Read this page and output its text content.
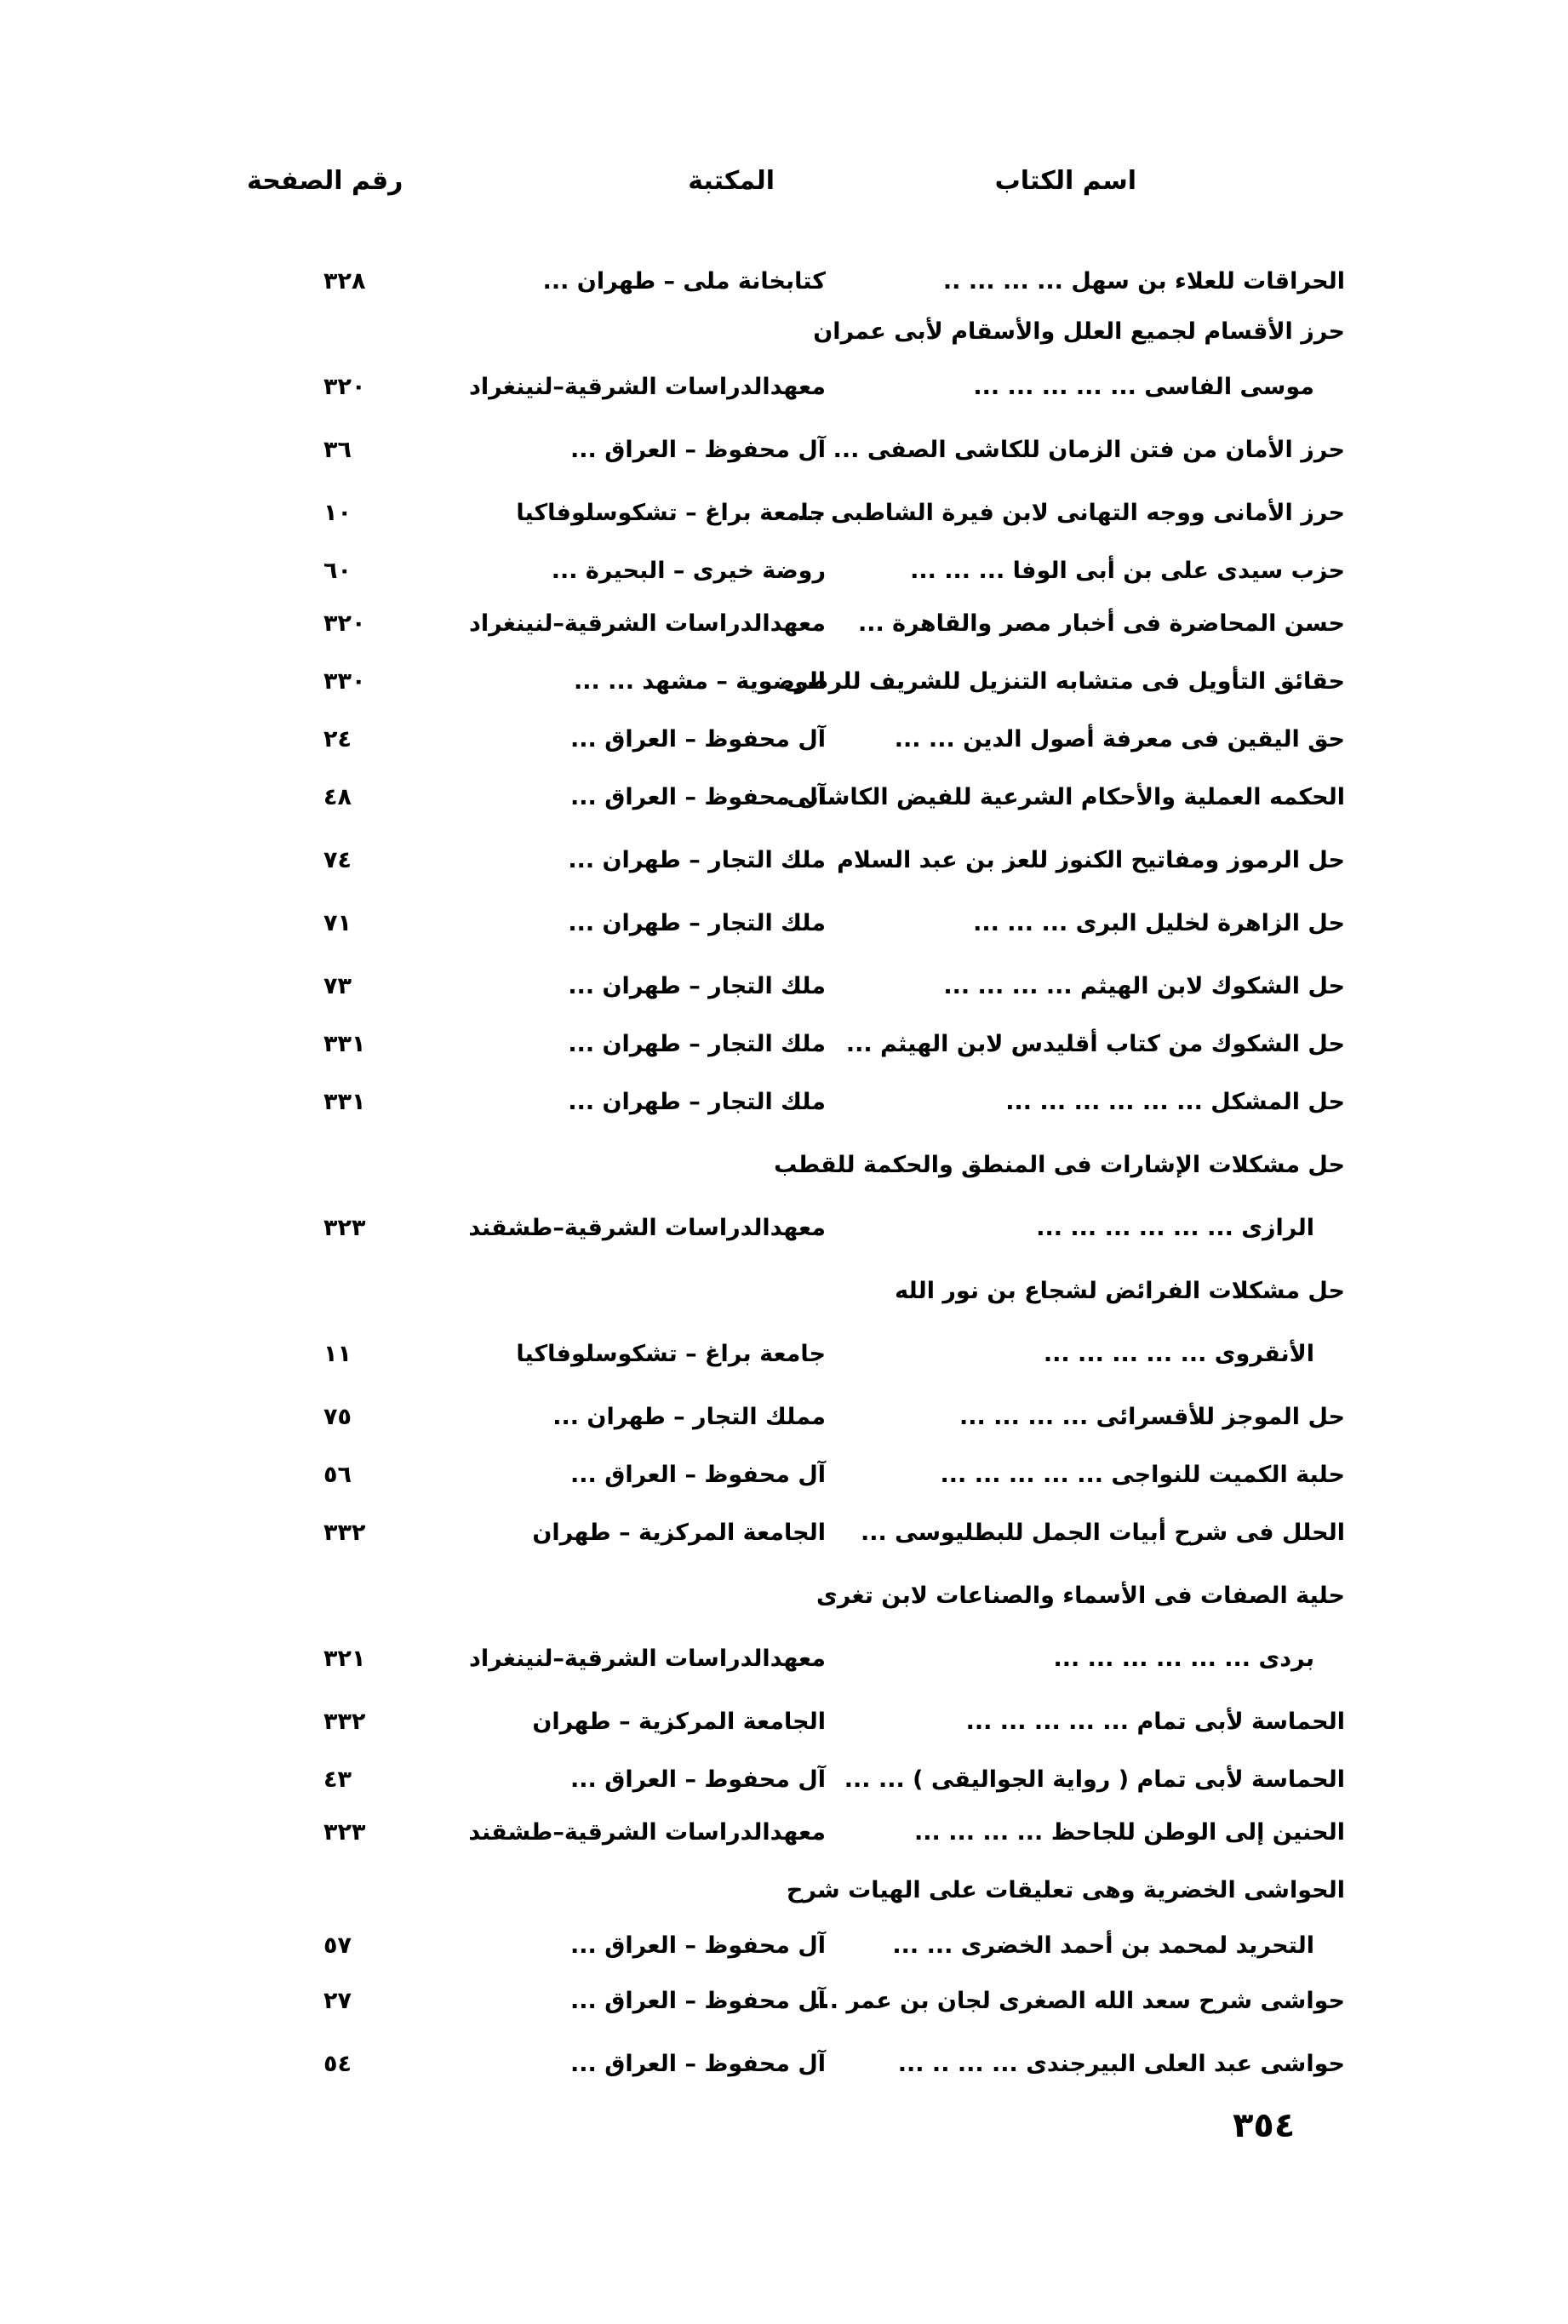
اسم الكتاب
المكتبة
رقم الصفحة
الحراقات للعلاء بن سهل ... ... ... ..
كتابخانة ملى – طهران ...
٣٢٨
حرز الأقسام لجميع العلل والأسقام لأبى عمران
موسى الفاسى ... ... ... ... ...
معهدالدراسات الشرقية–لنينغراد
٣٢٠
حرز الأمان من فتن الزمان للكاشى الصفى ...
آل محفوظ – العراق ...
٣٦
حرز الأمانى ووجه التهانى لابن فيرة الشاطبى ...
جامعة براغ – تشكوسلوفاكيا
١٠
حزب سيدى على بن أبى الوفا ... ... ...
روضة خيرى – البحيرة ...
٦٠
حسن المحاضرة فى أخبار مصر والقاهرة ...
معهدالدراسات الشرقية–لنينغراد
٣٢٠
حقائق التأويل فى متشابه التنزيل للشريف للرضى
الرضوية – مشهد ... ...
٣٣٠
حق اليقين فى معرفة أصول الدين ... ...
آل محفوظ – العراق ...
٢٤
الحكمه العملية والأحكام الشرعية للفيض الكاشانى
آل محفوظ – العراق ...
٤٨
حل الرموز ومفاتيح الكنوز للعز بن عبد السلام
ملك التجار – طهران ...
٧٤
حل الزاهرة لخليل البرى ... ... ...
ملك التجار – طهران ...
٧١
حل الشكوك لابن الهيثم ... ... ... ...
ملك التجار – طهران ...
٧٣
حل الشكوك من كتاب أقليدس لابن الهيثم ...
ملك التجار – طهران ...
٣٣١
حل المشكل ... ... ... ... ... ...
ملك التجار – طهران ...
٣٣١
حل مشكلات الإشارات فى المنطق والحكمة للقطب
الرازى ... ... ... ... ... ...
معهدالدراسات الشرقية–طشقند
٣٢٣
حل مشكلات الفرائض لشجاع بن نور الله
الأنقروى ... ... ... ... ...
جامعة براغ – تشكوسلوفاكيا
١١
حل الموجز للأقسرائى ... ... ... ...
مملك التجار – طهران ...
٧٥
حلبة الكميت للنواجى ... ... ... ... ...
آل محفوظ – العراق ...
٥٦
الحلل فى شرح أبيات الجمل للبطليوسى ...
الجامعة المركزية – طهران
٣٣٢
حلية الصفات فى الأسماء والصناعات لابن تغرى
بردى ... ... ... ... ... ...
معهدالدراسات الشرقية–لنينغراد
٣٢١
الحماسة لأبى تمام ... ... ... ... ...
الجامعة المركزية – طهران
٣٣٢
الحماسة لأبى تمام ( رواية الجواليقى ) ... ...
آل محفوط – العراق ...
٤٣
الحنين إلى الوطن للجاحظ ... ... ... ...
معهدالدراسات الشرقية–طشقند
٣٢٣
الحواشى الخضرية وهى تعليقات على الهيات شرح
التحريد لمحمد بن أحمد الخضرى ... ...
آل محفوظ – العراق ...
٥٧
حواشى شرح سعد الله الصغرى لجان بن عمر ...
آل محفوظ – العراق ...
٢٧
حواشى عبد العلى البيرجندى ... ... .. ...
آل محفوظ – العراق ...
٥٤
٣٥٤
